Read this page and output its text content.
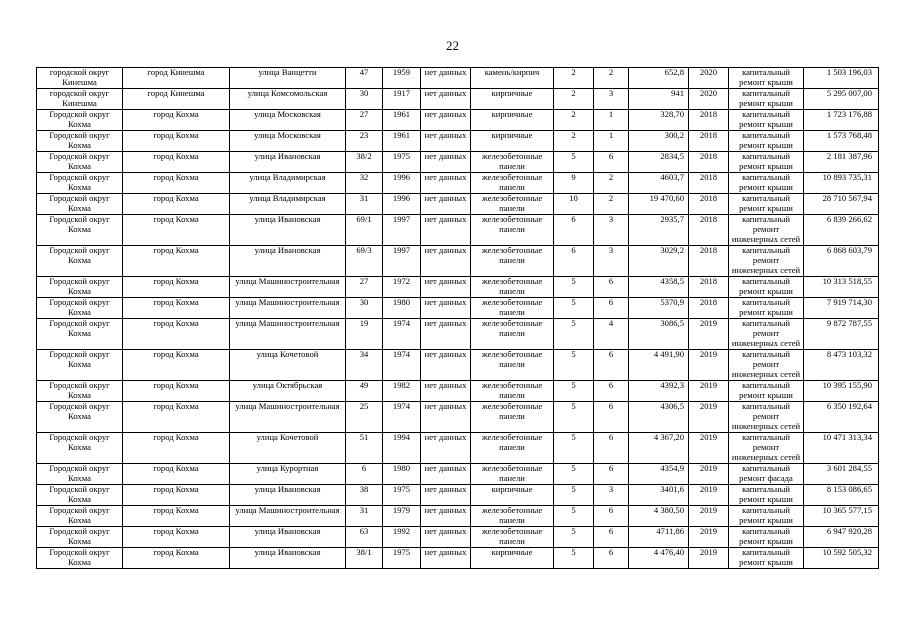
22
городской округ Кинешма	город Кинешма	улица Ванцетти	47	1959	нет данных	камень/кирпич	2	2	652,8	2020	капитальный ремонт крыши	1 503 196,03
городской округ Кинешма	город Кинешма	улица Комсомольская	30	1917	нет данных	кирпичные	2	3	941	2020	капитальный ремонт крыши	5 295 007,00
Городской округ Кохма	город Кохма	улица Московская	27	1961	нет данных	кирпичные	2	1	328,70	2018	капитальный ремонт крыши	1 723 176,88
Городской округ Кохма	город Кохма	улица Московская	23	1961	нет данных	кирпичные	2	1	300,2	2018	капитальный ремонт крыши	1 573 768,48
Городской округ Кохма	город Кохма	улица Ивановская	38/2	1975	нет данных	железобетонные панели	5	6	2834,5	2018	капитальный ремонт крыши	2 181 387,96
Городской округ Кохма	город Кохма	улица Владимирская	32	1996	нет данных	железобетонные панели	9	2	4603,7	2018	капитальный ремонт крыши	10 893 735,31
Городской округ Кохма	город Кохма	улица Владимирская	31	1996	нет данных	железобетонные панели	10	2	19 470,60	2018	капитальный ремонт крыши	28 710 567,94
Городской округ Кохма	город Кохма	улица Ивановская	69/1	1997	нет данных	железобетонные панели	6	3	2935,7	2018	капитальный ремонт инженерных сетей	6 839 266,62
Городской округ Кохма	город Кохма	улица Ивановская	69/3	1997	нет данных	железобетонные панели	6	3	3029,2	2018	капитальный ремонт инженерных сетей	6 868 603,79
Городской округ Кохма	город Кохма	улица Машиностроительная	27	1972	нет данных	железобетонные панели	5	6	4358,5	2018	капитальный ремонт крыши	10 313 518,55
Городской округ Кохма	город Кохма	улица Машиностроительная	30	1980	нет данных	железобетонные панели	5	6	5370,9	2018	капитальный ремонт крыши	7 919 714,30
Городской округ Кохма	город Кохма	улица Машиностроительная	19	1974	нет данных	железобетонные панели	5	4	3086,5	2019	капитальный ремонт инженерных сетей	9 872 787,55
Городской округ Кохма	город Кохма	улица Кочетовой	34	1974	нет данных	железобетонные панели	5	6	4 491,90	2019	капитальный ремонт инженерных сетей	8 473 103,32
Городской округ Кохма	город Кохма	улица Октябрьская	49	1982	нет данных	железобетонные панели	5	6	4392,3	2019	капитальный ремонт крыши	10 395 155,90
Городской округ Кохма	город Кохма	улица Машиностроительная	25	1974	нет данных	железобетонные панели	5	6	4306,5	2019	капитальный ремонт инженерных сетей	6 350 192,64
Городской округ Кохма	город Кохма	улица Кочетовой	51	1994	нет данных	железобетонные панели	5	6	4 367,20	2019	капитальный ремонт инженерных сетей	10 471 313,34
Городской округ Кохма	город Кохма	улица Курортная	6	1980	нет данных	железобетонные панели	5	6	4354,9	2019	капитальный ремонт фасада	3 601 284,55
Городской округ Кохма	город Кохма	улица Ивановская	38	1975	нет данных	кирпичные	5	3	3401,6	2019	капитальный ремонт крыши	8 153 086,65
Городской округ Кохма	город Кохма	улица Машиностроительная	31	1979	нет данных	железобетонные панели	5	6	4 380,50	2019	капитальный ремонт крыши	10 365 577,15
Городской округ Кохма	город Кохма	улица Ивановская	63	1992	нет данных	железобетонные панели	5	6	4711,86	2019	капитальный ремонт крыши	6 947 920,28
Городской округ Кохма	город Кохма	улица Ивановская	38/1	1975	нет данных	кирпичные	5	6	4 476,40	2019	капитальный ремонт крыши	10 592 505,32
